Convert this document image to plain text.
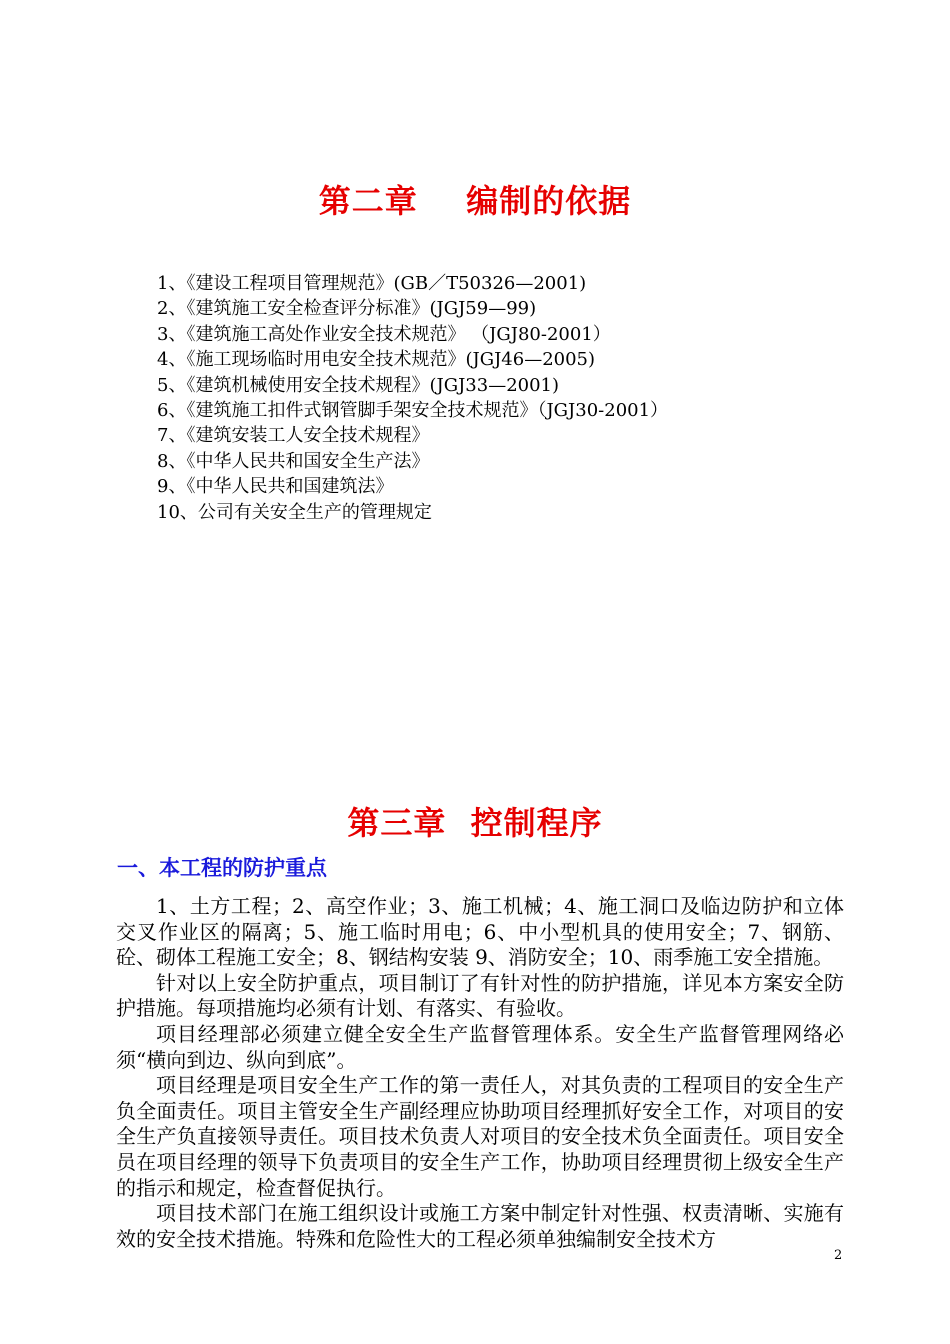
第二章    编制的依据
1、《建设工程项目管理规范》(GB／T50326—2001)
2、《建筑施工安全检查评分标准》(JGJ59—99)
3、《建筑施工高处作业安全技术规范》 （JGJ80-2001）
4、《施工现场临时用电安全技术规范》(JGJ46—2005)
5、《建筑机械使用安全技术规程》(JGJ33—2001)
6、《建筑施工扣件式钢管脚手架安全技术规范》（JGJ30-2001）
7、《建筑安装工人安全技术规程》
8、《中华人民共和国安全生产法》
9、《中华人民共和国建筑法》
10、公司有关安全生产的管理规定
第三章  控制程序
一、本工程的防护重点

1、土方工程；2、高空作业；3、施工机械；4、施工洞口及临边防护和立体交叉作业区的隔离；5、施工临时用电；6、中小型机具的使用安全；7、钢筋、砼、砌体工程施工安全；8、钢结构安装 9、消防安全；10、雨季施工安全措施。

针对以上安全防护重点，项目制订了有针对性的防护措施，详见本方案安全防护措施。每项措施均必须有计划、有落实、有验收。

项目经理部必须建立健全安全生产监督管理体系。安全生产监督管理网络必须“横向到边、纵向到底”。

项目经理是项目安全生产工作的第一责任人，对其负责的工程项目的安全生产负全面责任。项目主管安全生产副经理应协助项目经理抓好安全工作，对项目的安全生产负直接领导责任。项目技术负责人对项目的安全技术负全面责任。项目安全员在项目经理的领导下负责项目的安全生产工作，协助项目经理贯彻上级安全生产的指示和规定，检查督促执行。

项目技术部门在施工组织设计或施工方案中制定针对性强、权责清晰、实施有效的安全技术措施。特殊和危险性大的工程必须单独编制安全技术方

2
